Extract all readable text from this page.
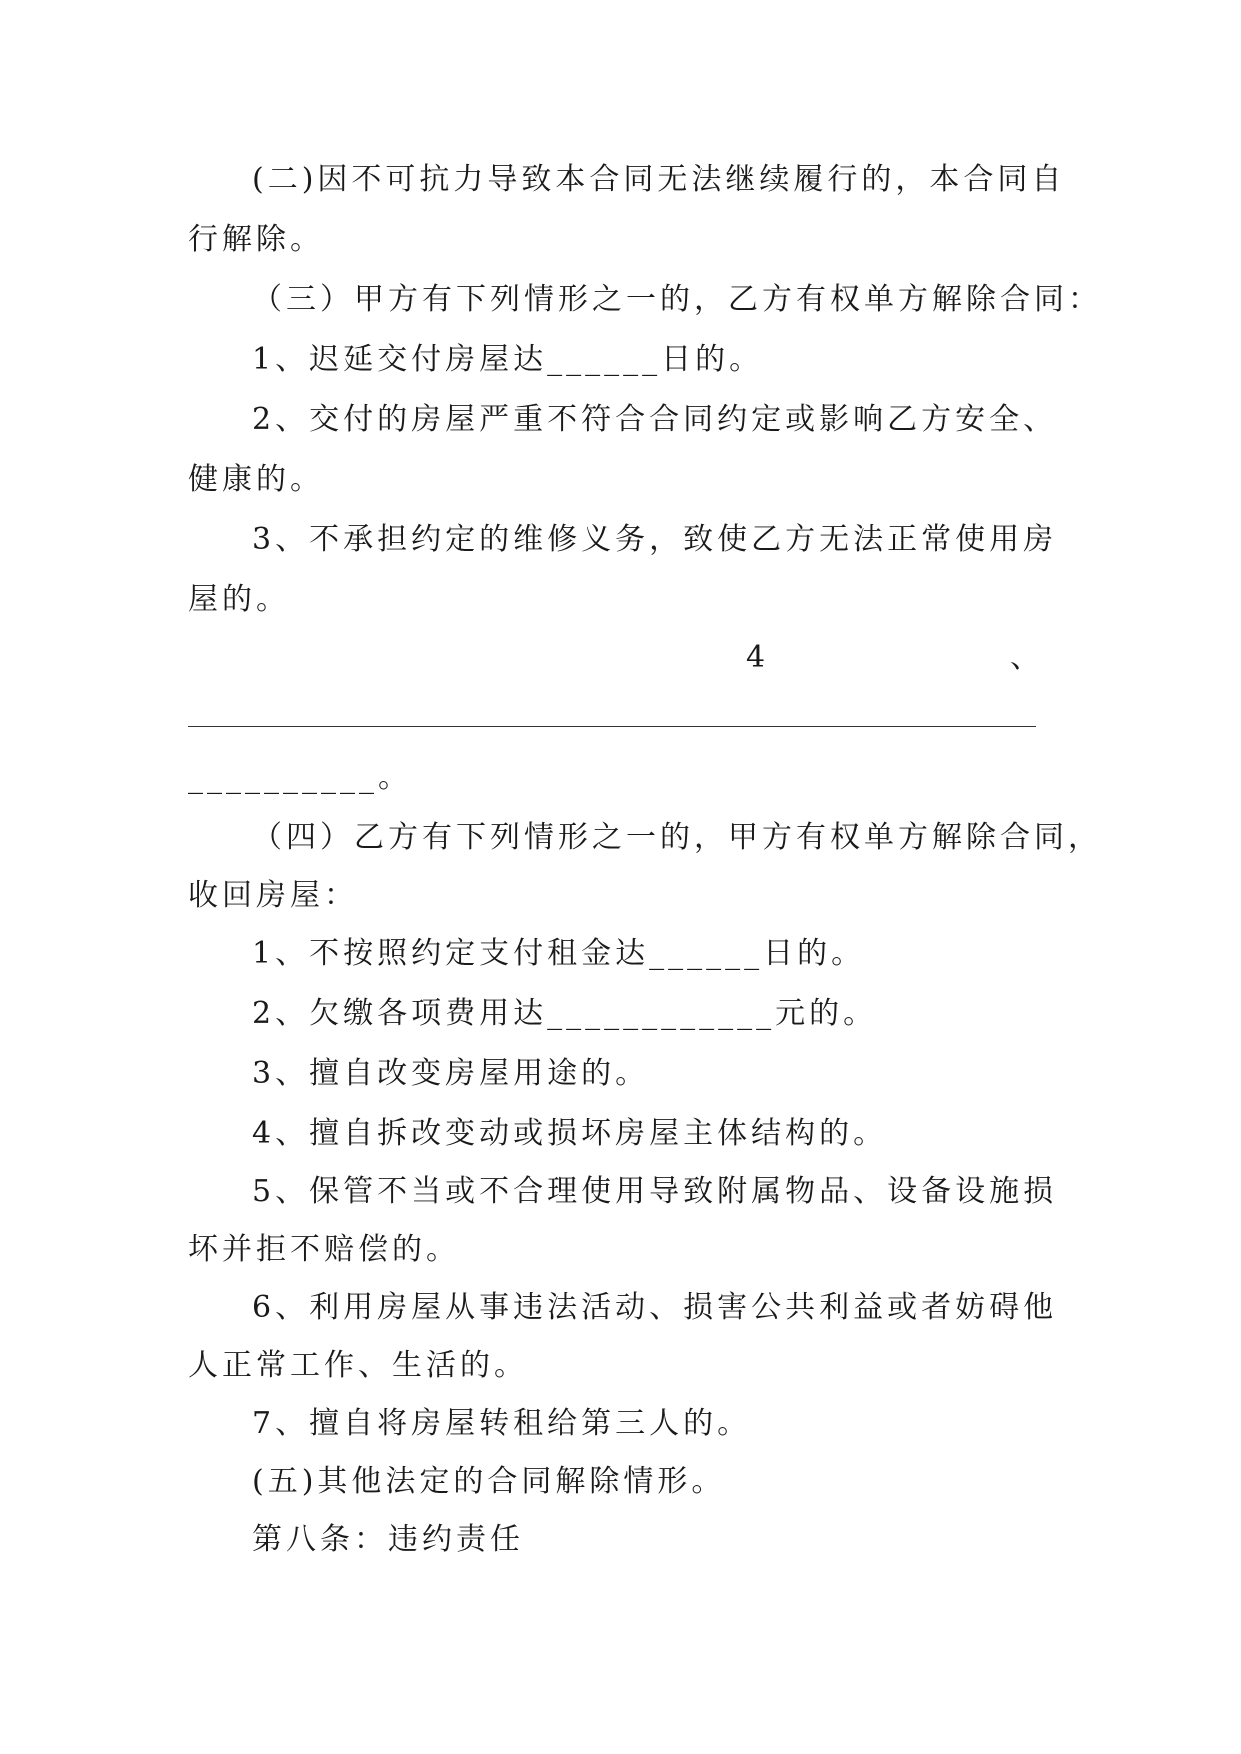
(二)因不可抗力导致本合同无法继续履行的，本合同自
行解除。
（三）甲方有下列情形之一的，乙方有权单方解除合同：
1、迟延交付房屋达______日的。
2、交付的房屋严重不符合合同约定或影响乙方安全、
健康的。
3、不承担约定的维修义务，致使乙方无法正常使用房
屋的。
4	、
__________。
（四）乙方有下列情形之一的，甲方有权单方解除合同，
收回房屋：
1、不按照约定支付租金达______日的。
2、欠缴各项费用达____________元的。
3、擅自改变房屋用途的。
4、擅自拆改变动或损坏房屋主体结构的。
5、保管不当或不合理使用导致附属物品、设备设施损
坏并拒不赔偿的。
6、利用房屋从事违法活动、损害公共利益或者妨碍他
人正常工作、生活的。
7、擅自将房屋转租给第三人的。
(五)其他法定的合同解除情形。
第八条：违约责任
